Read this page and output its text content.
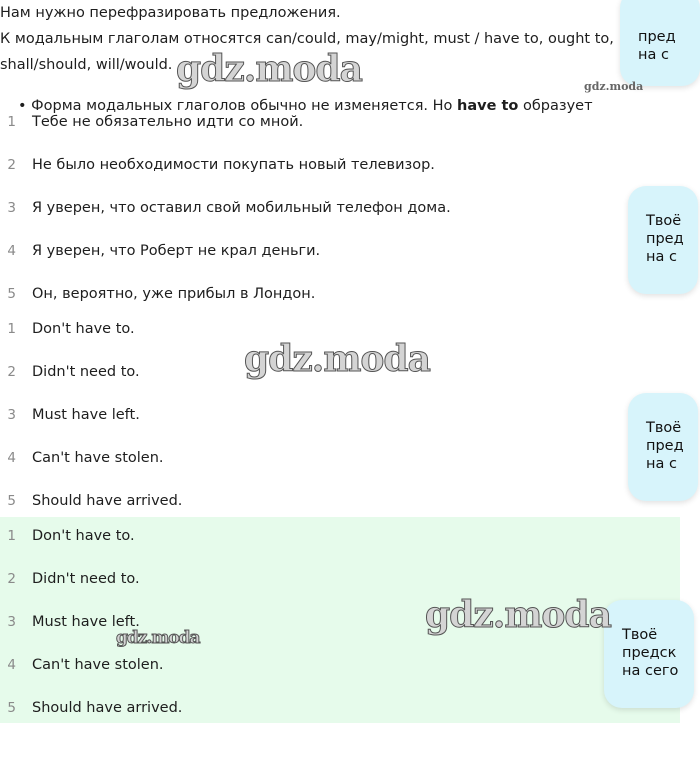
Нам нужно перефразировать предложения.

К модальным глаголам относятся can/could, may/might, must / have to, ought to,

shall/should, will/would.

• Форма модальных глаголов обычно не изменяется. Но have to образует
1 Тебе не обязательно идти со мной.
2 Не было необходимости покупать новый телевизор.
3 Я уверен, что оставил свой мобильный телефон дома.
4 Я уверен, что Роберт не крал деньги.
5 Он, вероятно, уже прибыл в Лондон.
1 Don't have to.
2 Didn't need to.
3 Must have left.
4 Can't have stolen.
5 Should have arrived.
1 Don't have to.
2 Didn't need to.
3 Must have left.
4 Can't have stolen.
5 Should have arrived.
пред
на с
Твоё
пред
на с
Твоё
пред
на с
Твоё
предск
на сего
gdz.moda	gdz.moda
gdz.moda
gdz.moda
gdz.moda
